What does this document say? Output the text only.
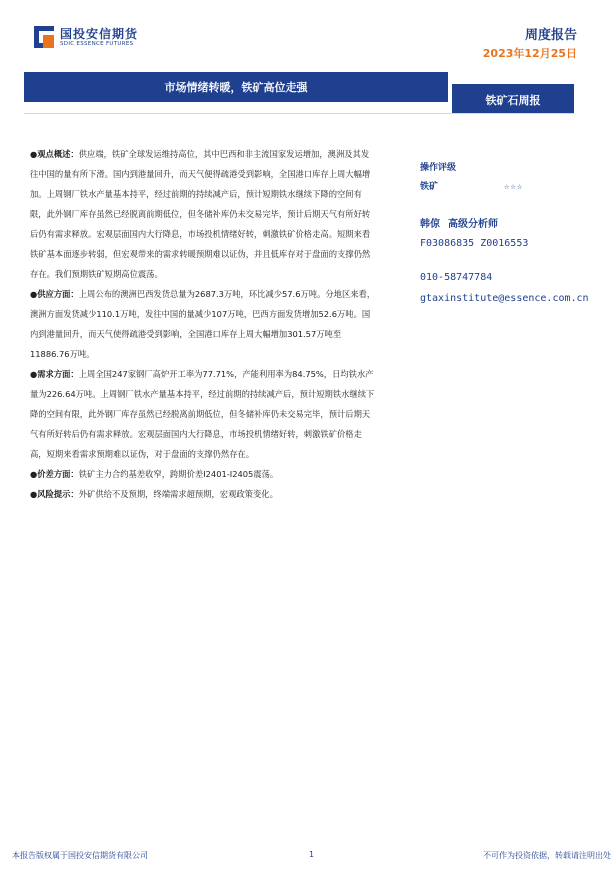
国投安信期货
SDIC ESSENCE FUTURES
周度报告
2023年12月25日
市场情绪转暖，铁矿高位走强
铁矿石周报

●观点概述：供应端，铁矿全球发运维持高位，其中巴西和非主流国家发运增加，澳洲及其发往中国的量有所下滑。国内到港量回升，而天气便得疏港受到影响，全国港口库存上周大幅增加。上周钢厂铁水产量基本持平，经过前期的持续减产后，预计短期铁水继续下降的空间有限，此外钢厂库存虽然已经脱离前期低位，但冬储补库仍未交易完毕，预计后期天气有所好转后仍有需求释放。宏观层面国内大行降息，市场投机情绪好转，刺激铁矿价格走高。短期来看铁矿基本面逐步转弱，但宏观带来的需求转暖预期难以证伪，并且低库存对于盘面的支撑仍然存在。我们预期铁矿短期高位震荡。

●供应方面：上周公布的澳洲巴西发货总量为2687.3万吨，环比减少57.6万吨。分地区来看，澳洲方面发货减少110.1万吨，发往中国的量减少107万吨，巴西方面发货增加52.6万吨。国内到港量回升，而天气使得疏港受到影响，全国港口库存上周大幅增加301.57万吨至11886.76万吨。

●需求方面：上周全国247家钢厂高炉开工率为77.71%，产能利用率为84.75%，日均铁水产量为226.64万吨。上周钢厂铁水产量基本持平，经过前期的持续减产后，预计短期铁水继续下降的空间有限，此外钢厂库存虽然已经脱离前期低位，但冬储补库仍未交易完毕，预计后期天气有所好转后仍有需求释放。宏观层面国内大行降息，市场投机情绪好转，刺激铁矿价格走高，短期来看需求预期难以证伪，对于盘面的支撑仍然存在。

●价差方面：铁矿主力合约基差收窄，跨期价差I2401-I2405震荡。

●风险提示：外矿供给不及预期，终端需求超预期，宏观政策变化。

操作评级
铁矿	☆☆☆
韩倞 高级分析师
F03086835 Z0016553
010-58747784
gtaxinstitute@essence.com.cn
本报告版权属于国投安信期货有限公司	1	不可作为投资依据，转载请注明出处
